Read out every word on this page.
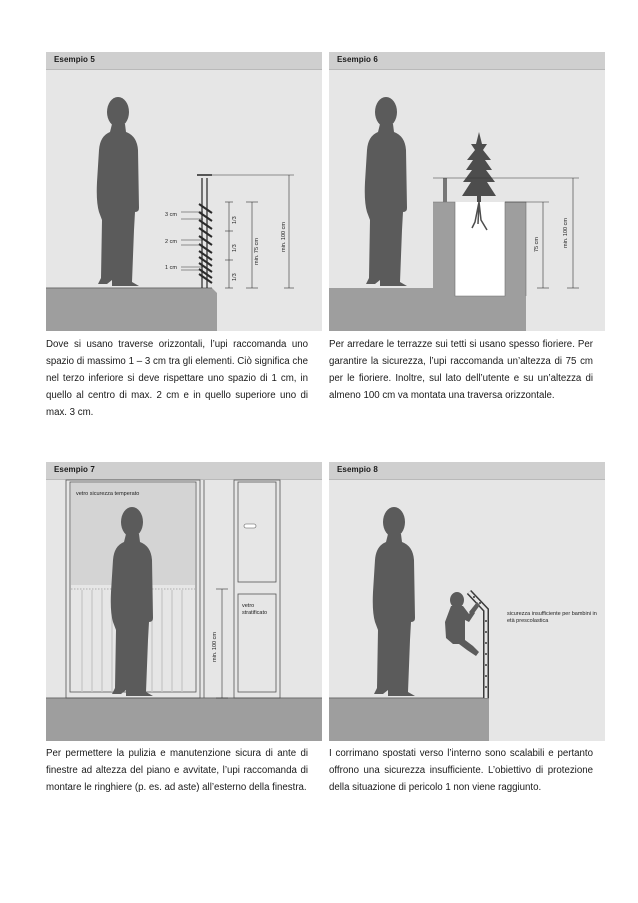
Esempio 5
3 cm
2 cm
1 cm
1/3
1/3
1/3
min. 75 cm	min. 100 cm

Dove si usano traverse orizzontali, l’upi raccomanda uno spazio di massimo 1 – 3 cm tra gli elementi. Ciò significa che nel terzo inferiore si deve rispettare uno spazio di 1 cm, in quello al centro di max. 2 cm e in quello superiore uno di max. 3 cm.

Esempio 6
75 cm	min. 100 cm

Per arredare le terrazze sui tetti si usano spesso fioriere. Per garantire la sicurezza, l’upi raccomanda un’altezza di 75 cm per le fioriere. Inoltre, sul lato dell’utente e su un’altezza di almeno 100 cm va montata una traversa orizzontale.

Esempio 7
vetro sicurezza temperato
vetro stratificato
min. 100 cm

Per permettere la pulizia e manutenzione sicura di ante di finestre ad altezza del piano e avvitate, l’upi raccomanda di montare le ringhiere (p. es. ad aste) all’esterno della finestra.

Esempio 8
sicurezza insufficiente per bambini in età prescolastica

I corrimano spostati verso l’interno sono scalabili e pertanto offrono una sicurezza insufficiente. L’obiettivo di protezione della situazione di pericolo 1 non viene raggiunto.
